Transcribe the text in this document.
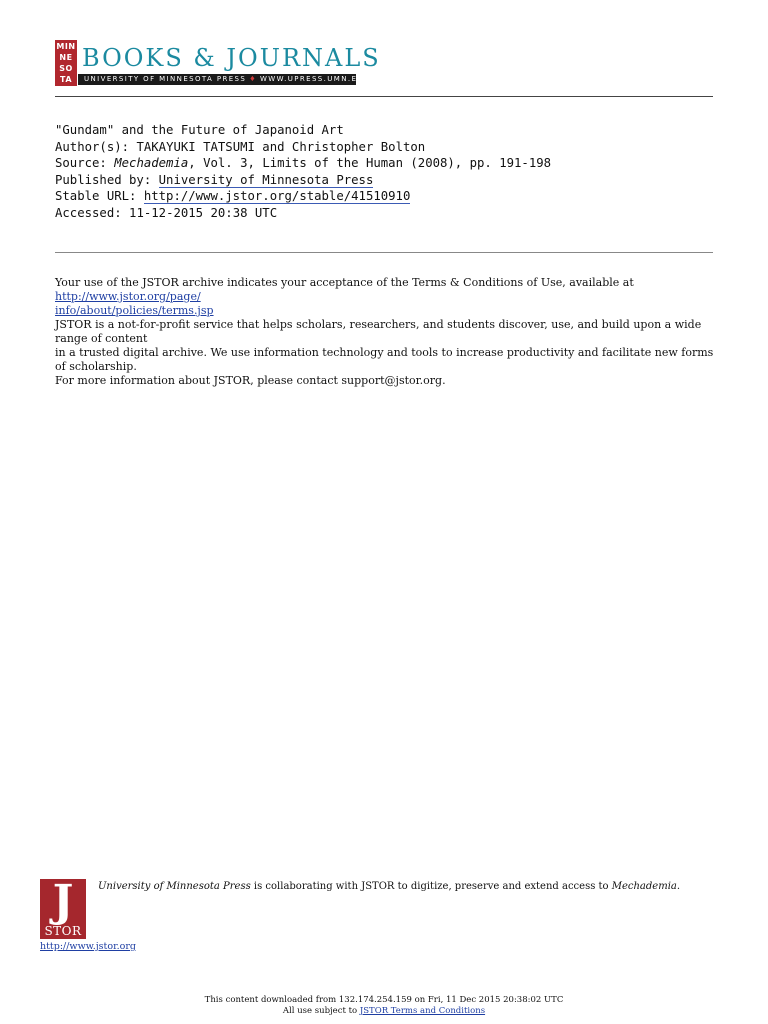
MIN
NE
SO
TA
BOOKS & JOURNALS
UNIVERSITY OF MINNESOTA PRESS ♦ WWW.UPRESS.UMN.EDU
"Gundam" and the Future of Japanoid Art
Author(s): TAKAYUKI TATSUMI and Christopher Bolton
Source: Mechademia, Vol. 3, Limits of the Human (2008), pp. 191-198
Published by: University of Minnesota Press
Stable URL: http://www.jstor.org/stable/41510910
Accessed: 11-12-2015 20:38 UTC
Your use of the JSTOR archive indicates your acceptance of the Terms & Conditions of Use, available at http://www.jstor.org/page/
info/about/policies/terms.jsp
JSTOR is a not-for-profit service that helps scholars, researchers, and students discover, use, and build upon a wide range of content
in a trusted digital archive. We use information technology and tools to increase productivity and facilitate new forms of scholarship.
For more information about JSTOR, please contact support@jstor.org.
J
STOR
http://www.jstor.org
University of Minnesota Press is collaborating with JSTOR to digitize, preserve and extend access to Mechademia.
This content downloaded from 132.174.254.159 on Fri, 11 Dec 2015 20:38:02 UTC
All use subject to JSTOR Terms and Conditions
